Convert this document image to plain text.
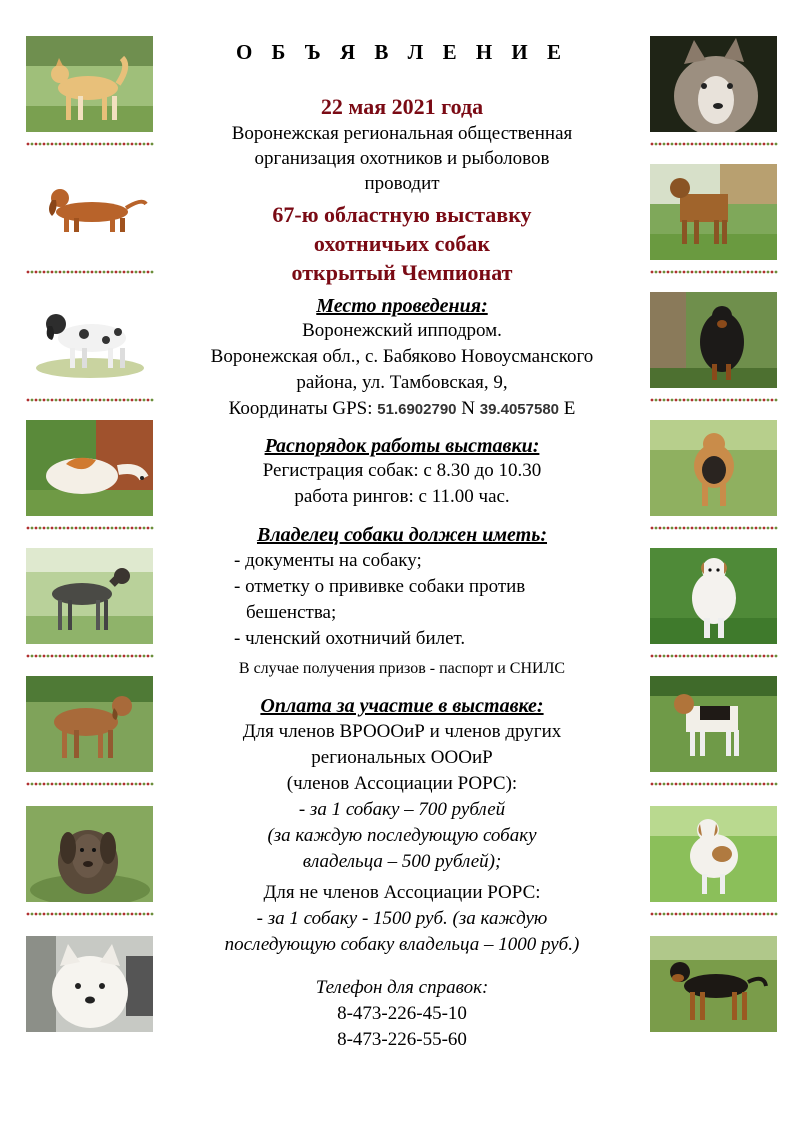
О Б Ъ Я В Л Е Н И Е
22 мая 2021 года
Воронежская региональная общественная
организация охотников и рыболовов
проводит
67-ю областную выставку
охотничьих собак
открытый Чемпионат
Место проведения:
Воронежский ипподром.
Воронежская обл., с. Бабяково Новоусманского
района, ул. Тамбовская, 9,
Координаты GPS: 51.6902790 N 39.4057580 E
Распорядок работы выставки:
Регистрация собак: с 8.30 до 10.30
работа рингов: с 11.00 час.
Владелец собаки должен иметь:
- документы на собаку;
- отметку о прививке собаки против
бешенства;
- членский охотничий билет.
В случае получения призов - паспорт и СНИЛС
Оплата за участие в выставке:
Для членов ВРОООиР и членов других
региональных ОООиР
(членов Ассоциации РОРС):
- за 1 собаку – 700 рублей
(за каждую последующую собаку
владельца – 500 рублей);
Для не членов Ассоциации РОРС:
- за 1 собаку - 1500 руб. (за каждую
последующую собаку владельца – 1000 руб.)
Телефон для справок:
8-473-226-45-10
8-473-226-55-60
